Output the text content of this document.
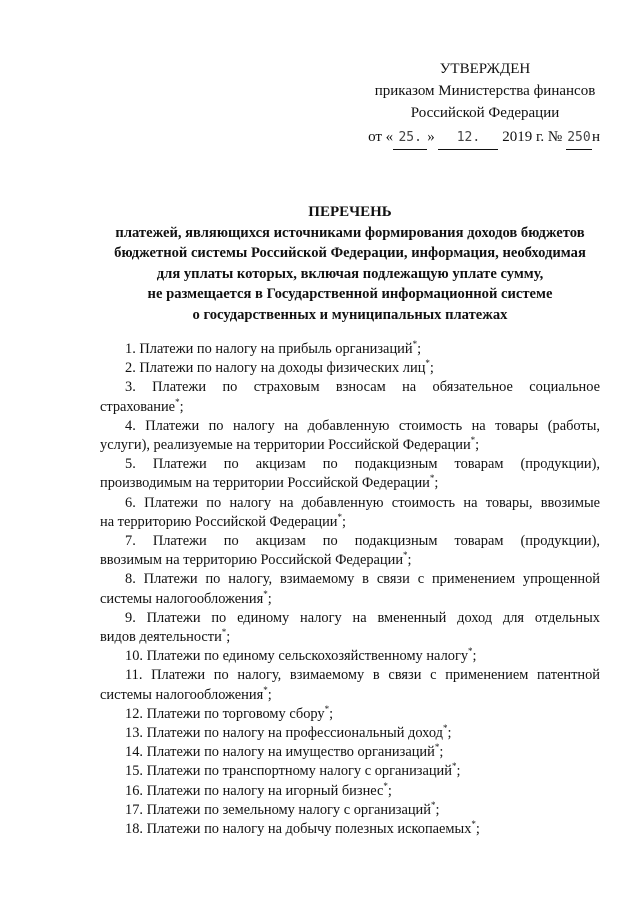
УТВЕРЖДЕН
приказом Министерства финансов
Российской Федерации
от « 25. » 12. 2019 г. № 250н
ПЕРЕЧЕНЬ
платежей, являющихся источниками формирования доходов бюджетов
бюджетной системы Российской Федерации, информация, необходимая
для уплаты которых, включая подлежащую уплате сумму,
не размещается в Государственной информационной системе
о государственных и муниципальных платежах
1. Платежи по налогу на прибыль организаций*;
2. Платежи по налогу на доходы физических лиц*;
3. Платежи по страховым взносам на обязательное социальное
страхование*;
4. Платежи по налогу на добавленную стоимость на товары (работы,
услуги), реализуемые на территории Российской Федерации*;
5. Платежи по акцизам по подакцизным товарам (продукции),
производимым на территории Российской Федерации*;
6. Платежи по налогу на добавленную стоимость на товары, ввозимые
на территорию Российской Федерации*;
7. Платежи по акцизам по подакцизным товарам (продукции),
ввозимым на территорию Российской Федерации*;
8. Платежи по налогу, взимаемому в связи с применением упрощенной
системы налогообложения*;
9. Платежи по единому налогу на вмененный доход для отдельных
видов деятельности*;
10. Платежи по единому сельскохозяйственному налогу*;
11. Платежи по налогу, взимаемому в связи с применением патентной
системы налогообложения*;
12. Платежи по торговому сбору*;
13. Платежи по налогу на профессиональный доход*;
14. Платежи по налогу на имущество организаций*;
15. Платежи по транспортному налогу с организаций*;
16. Платежи по налогу на игорный бизнес*;
17. Платежи по земельному налогу с организаций*;
18. Платежи по налогу на добычу полезных ископаемых*;
